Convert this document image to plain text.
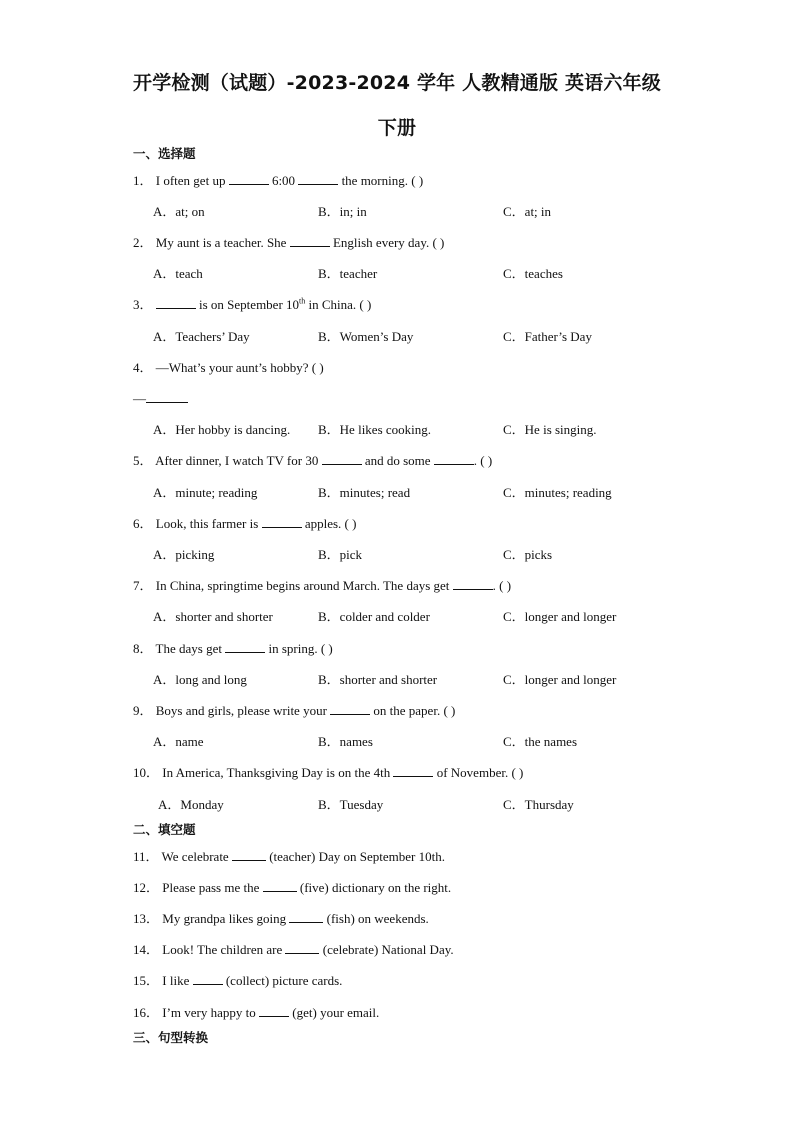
开学检测（试题）-2023-2024 学年 人教精通版 英语六年级
下册
一、选择题
1． I often get up	6:00	the morning. ( )
A．at; on	B．in; in	C．at; in
2． My aunt is a teacher. She	English every day. ( )
A．teach	B．teacher	C．teaches
3．	is on September 10th in China. ( )
A．Teachers’ Day	B．Women’s Day	C．Father’s Day
4． —What’s your aunt’s hobby? ( )
—
A．Her hobby is dancing. B．He likes cooking.	C．He is singing.
5． After dinner, I watch TV for 30	and do some	. ( )
A．minute; reading	B．minutes; read	C．minutes; reading
6． Look, this farmer is	apples. ( )
A．picking	B．pick	C．picks
7． In China, springtime begins around March. The days get	. ( )
A．shorter and shorter	B．colder and colder	C．longer and longer
8． The days get	in spring. ( )
A．long and long	B．shorter and shorter	C．longer and longer
9． Boys and girls, please write your	on the paper. ( )
A．name	B．names	C．the names
10． In America, Thanksgiving Day is on the 4th	of November. ( )
A．Monday	B．Tuesday	C．Thursday
二、填空题
11． We celebrate	(teacher) Day on September 10th.
12． Please pass me the	(five) dictionary on the right.
13． My grandpa likes going	(fish) on weekends.
14． Look! The children are	(celebrate) National Day.
15． I like	(collect) picture cards.
16． I’m very happy to	(get) your email.
三、句型转换
